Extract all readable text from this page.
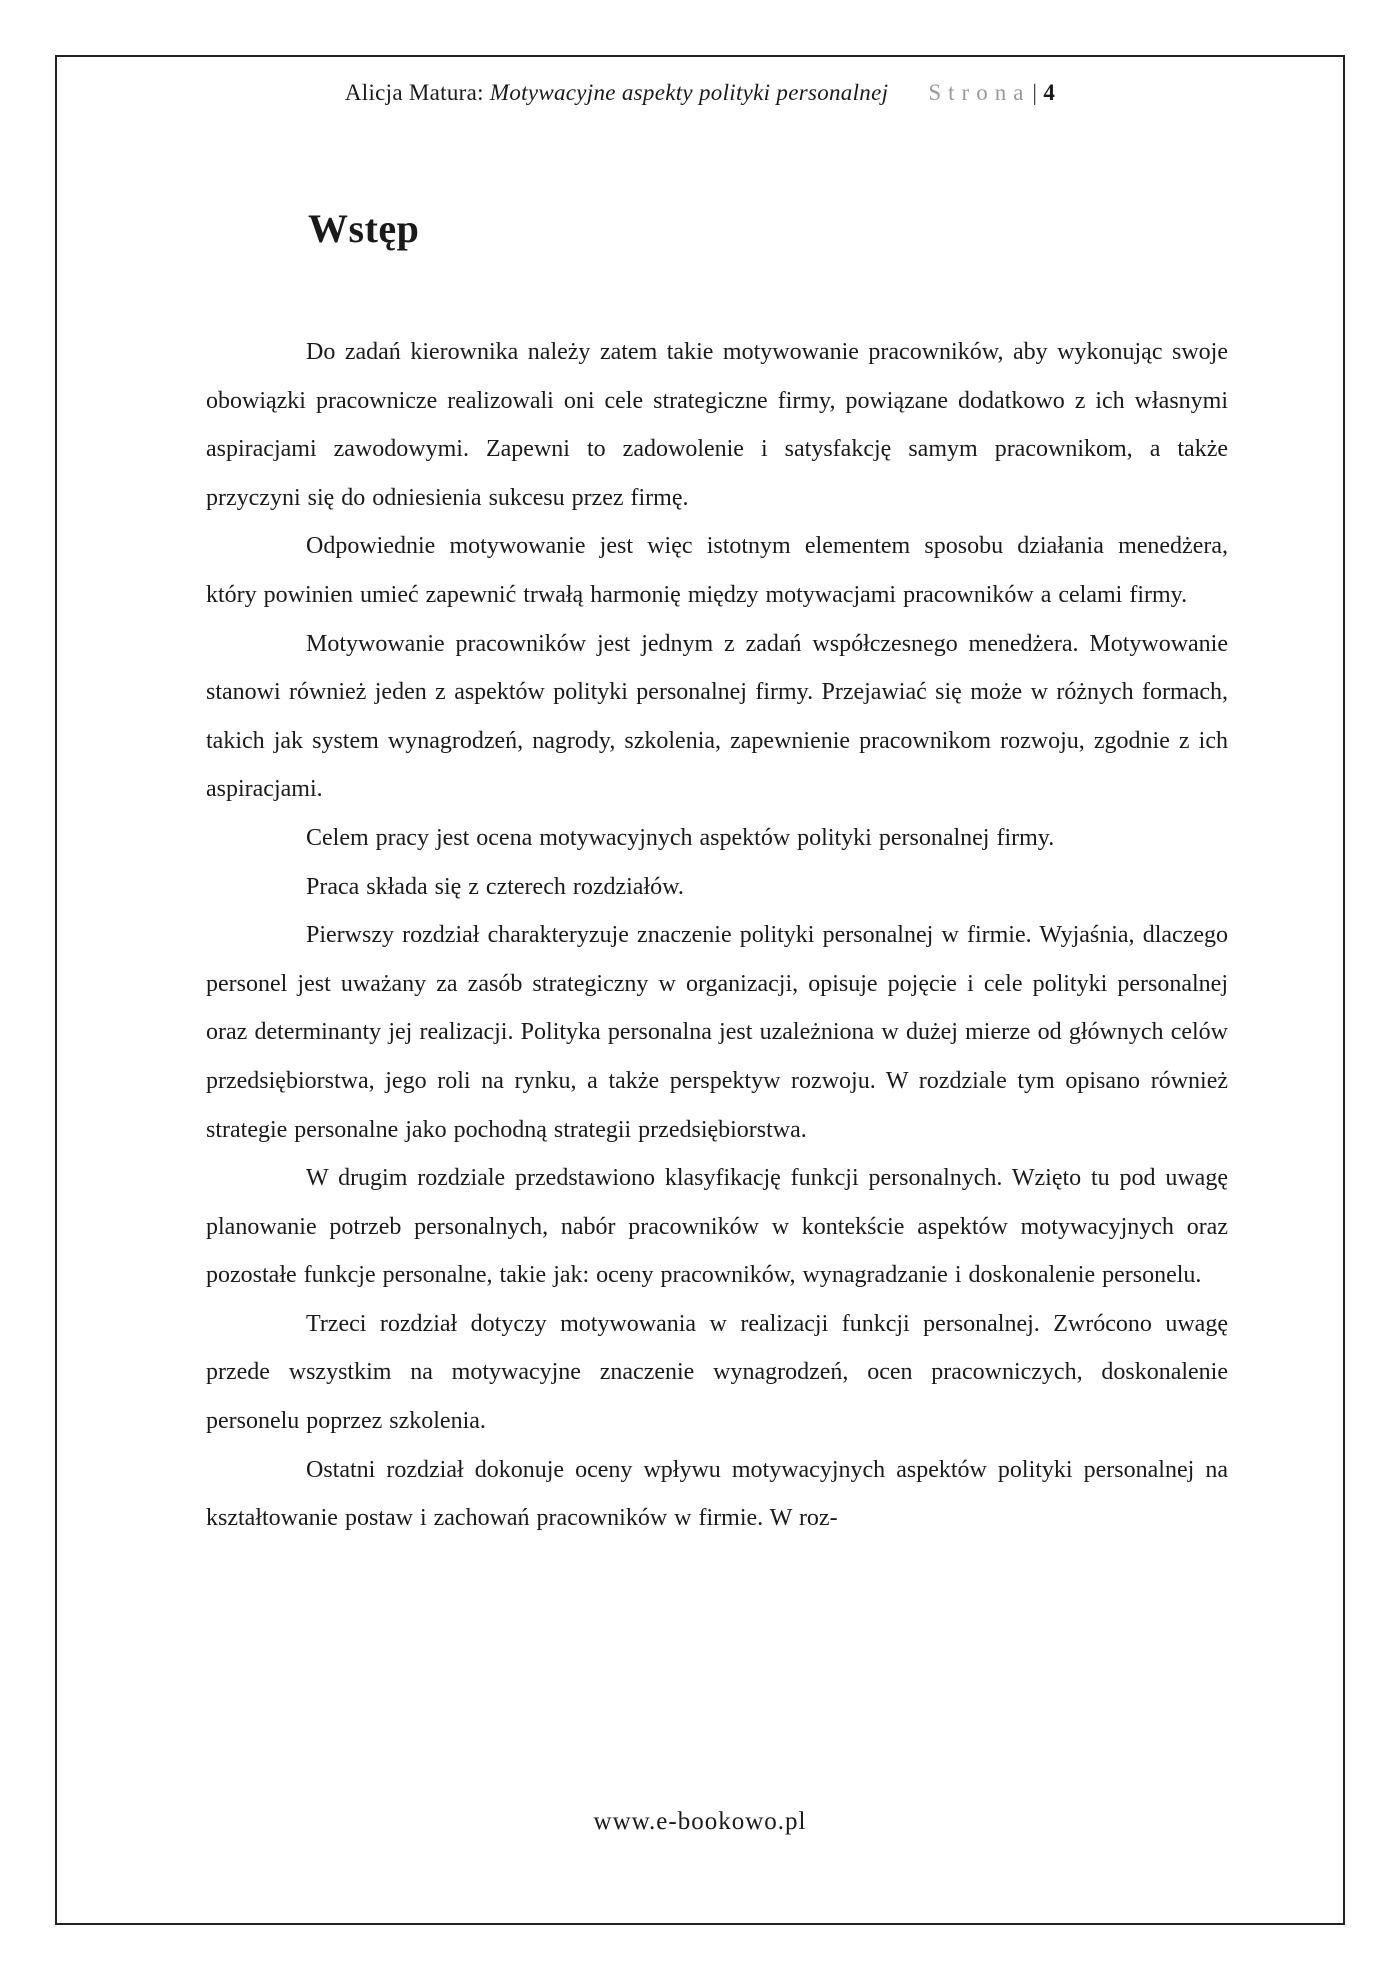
Alicja Matura: Motywacyjne aspekty polityki personalnej Strona| 4
Wstęp

Do zadań kierownika należy zatem takie motywowanie pracowników, aby wykonując swoje obowiązki pracownicze realizowali oni cele strategiczne firmy, powiązane dodatkowo z ich własnymi aspiracjami zawodowymi. Zapewni to zadowolenie i satysfakcję samym pracownikom, a także przyczyni się do odniesienia sukcesu przez firmę.

Odpowiednie motywowanie jest więc istotnym elementem sposobu działania menedżera, który powinien umieć zapewnić trwałą harmonię między motywacjami pracowników a celami firmy.

Motywowanie pracowników jest jednym z zadań współczesnego menedżera. Motywowanie stanowi również jeden z aspektów polityki personalnej firmy. Przejawiać się może w różnych formach, takich jak system wynagrodzeń, nagrody, szkolenia, zapewnienie pracownikom rozwoju, zgodnie z ich aspiracjami.

Celem pracy jest ocena motywacyjnych aspektów polityki personalnej firmy.

Praca składa się z czterech rozdziałów.

Pierwszy rozdział charakteryzuje znaczenie polityki personalnej w firmie. Wyjaśnia, dlaczego personel jest uważany za zasób strategiczny w organizacji, opisuje pojęcie i cele polityki personalnej oraz determinanty jej realizacji. Polityka personalna jest uzależniona w dużej mierze od głównych celów przedsiębiorstwa, jego roli na rynku, a także perspektyw rozwoju. W rozdziale tym opisano również strategie personalne jako pochodną strategii przedsiębiorstwa.

W drugim rozdziale przedstawiono klasyfikację funkcji personalnych. Wzięto tu pod uwagę planowanie potrzeb personalnych, nabór pracowników w kontekście aspektów motywacyjnych oraz pozostałe funkcje personalne, takie jak: oceny pracowników, wynagradzanie i doskonalenie personelu.

Trzeci rozdział dotyczy motywowania w realizacji funkcji personalnej. Zwrócono uwagę przede wszystkim na motywacyjne znaczenie wynagrodzeń, ocen pracowniczych, doskonalenie personelu poprzez szkolenia.

Ostatni rozdział dokonuje oceny wpływu motywacyjnych aspektów polityki personalnej na kształtowanie postaw i zachowań pracowników w firmie. W roz-

www.e-bookowo.pl
